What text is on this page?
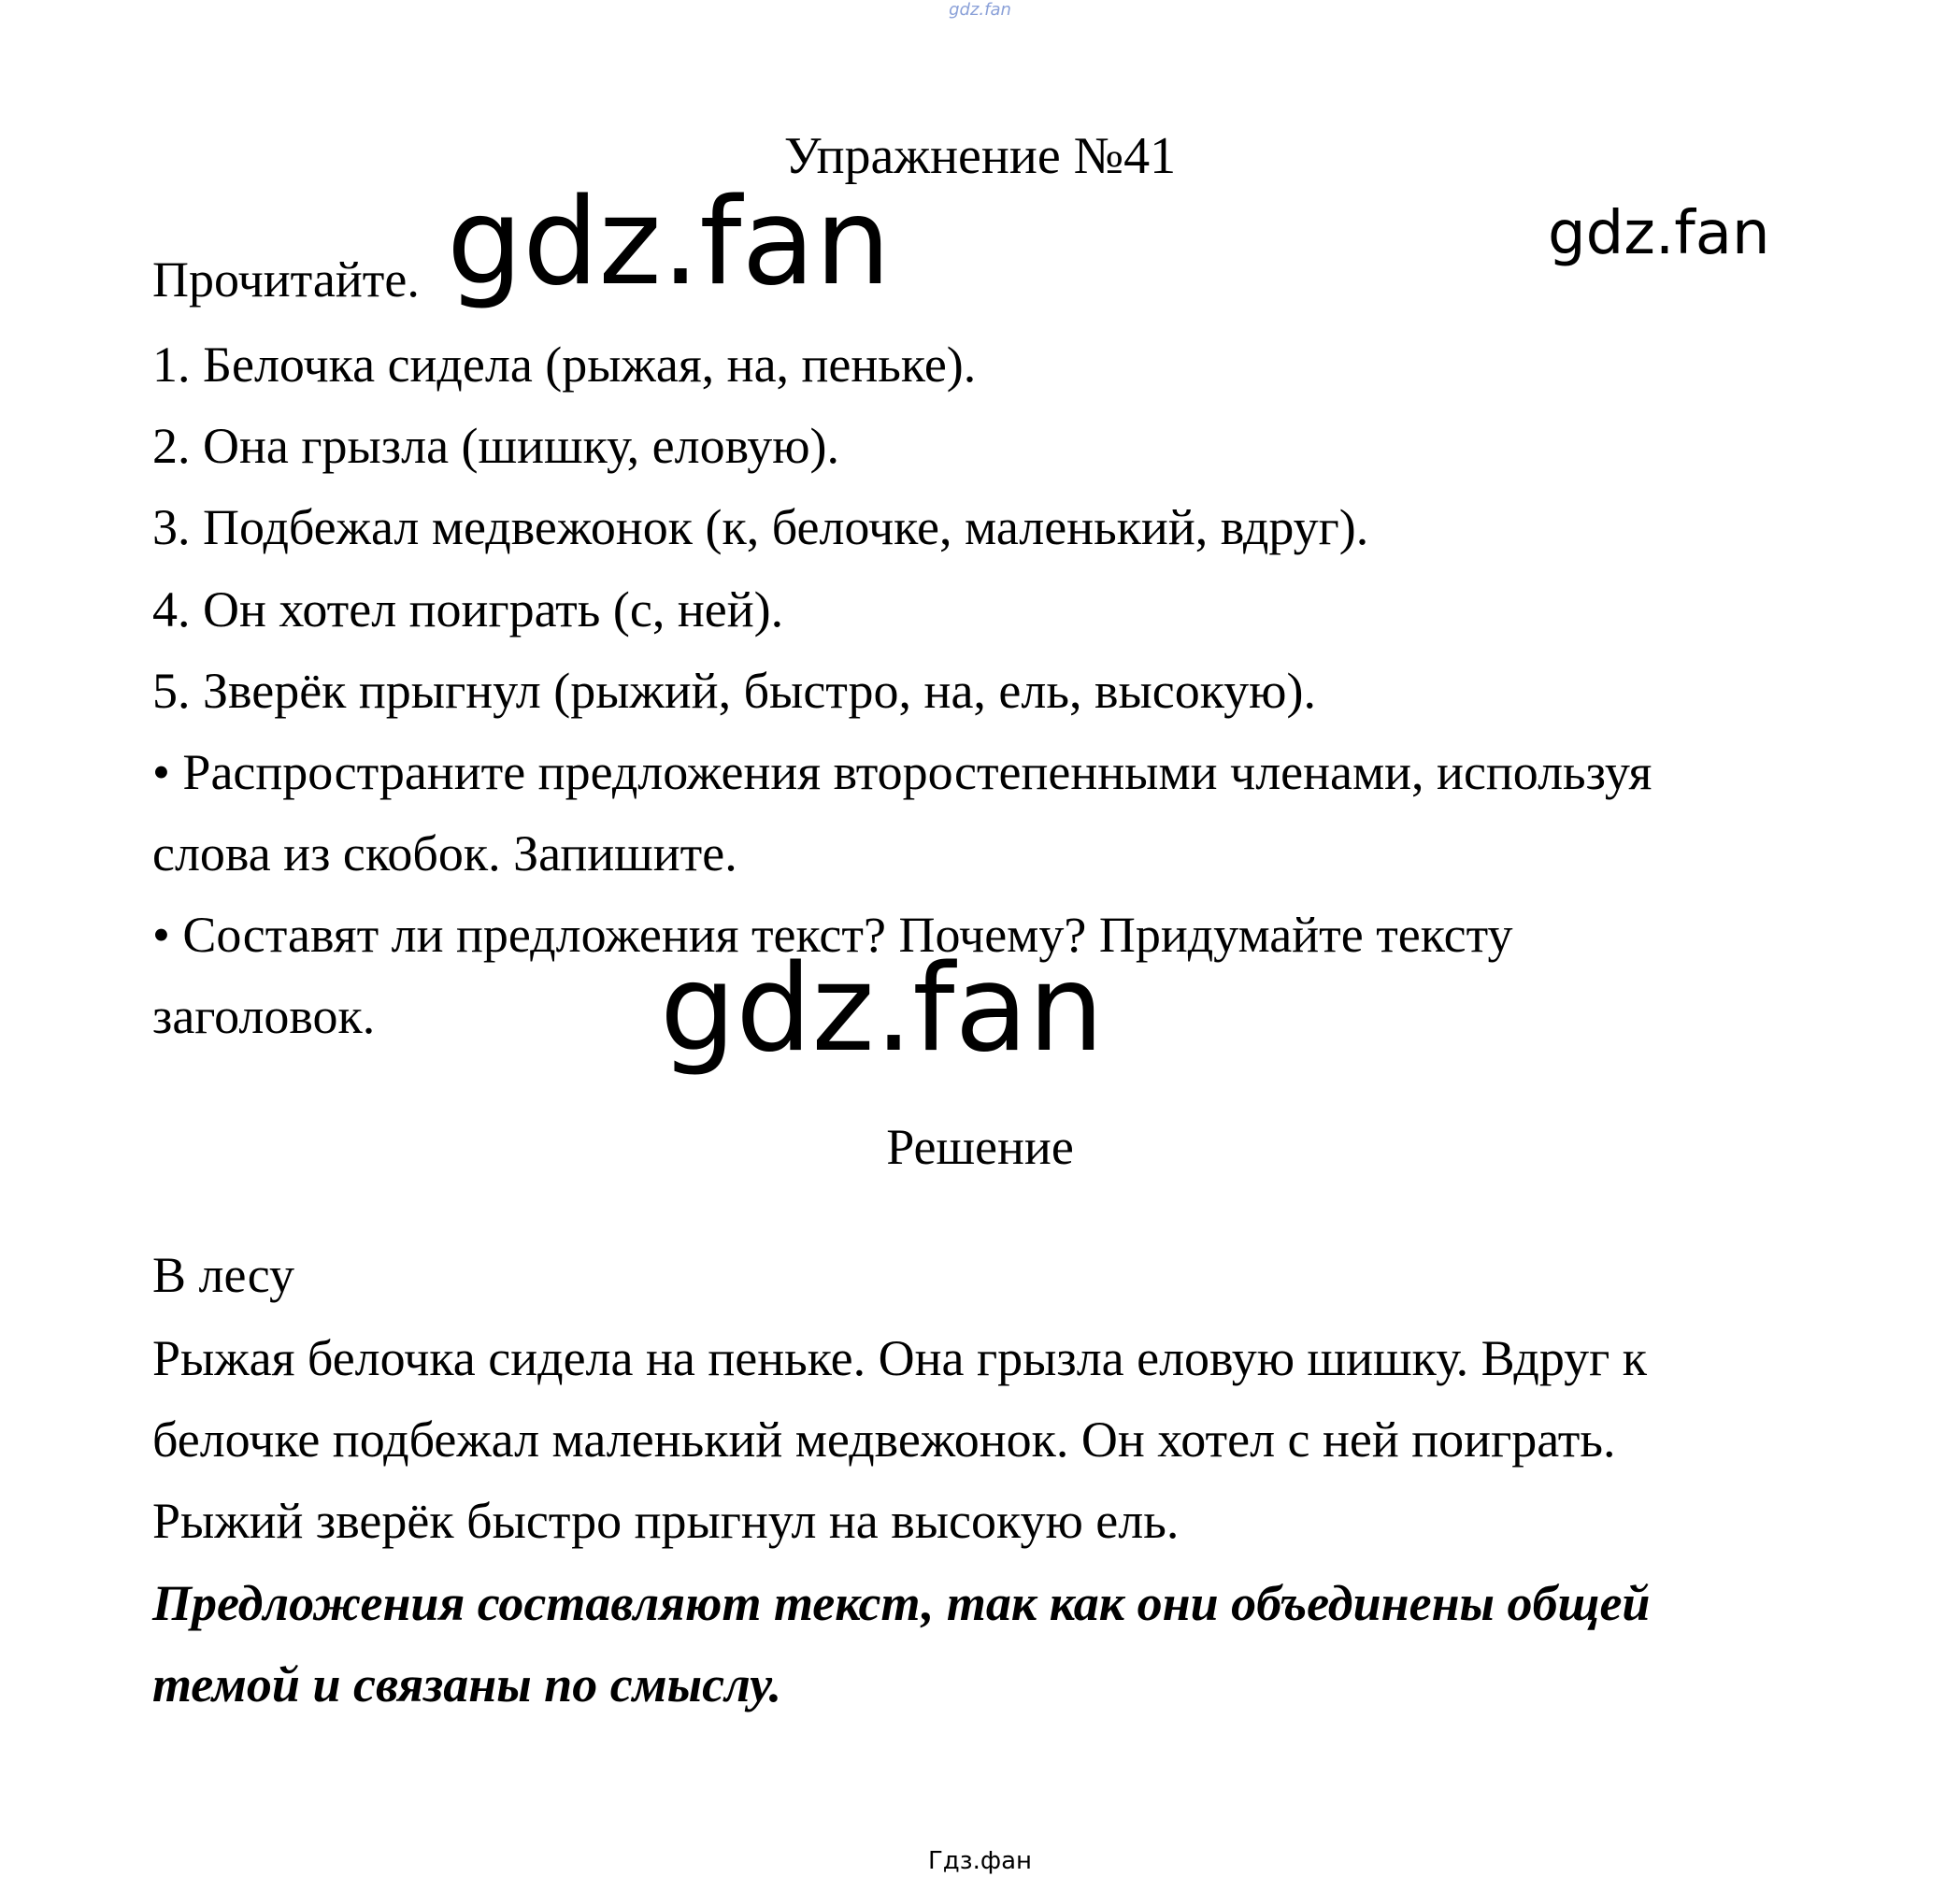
gdz.fan
Упражнение №41
Прочитайте.
1. Белочка сидела (рыжая, на, пеньке).
2. Она грызла (шишку, еловую).
3. Подбежал медвежонок (к, белочке, маленький, вдруг).
4. Он хотел поиграть (с, ней).
5. Зверёк прыгнул (рыжий, быстро, на, ель, высокую).
• Распространите предложения второстепенными членами, используя
слова из скобок. Запишите.
• Составят ли предложения текст? Почему? Придумайте тексту
заголовок.
Решение
В лесу
Рыжая белочка сидела на пеньке. Она грызла еловую шишку. Вдруг к
белочке подбежал маленький медвежонок. Он хотел с ней поиграть.
Рыжий зверёк быстро прыгнул на высокую ель.
Предложения составляют текст, так как они объединены общей
темой и связаны по смыслу.
gdz.fan	gdz.fan
gdz.fan
Гдз.фан
